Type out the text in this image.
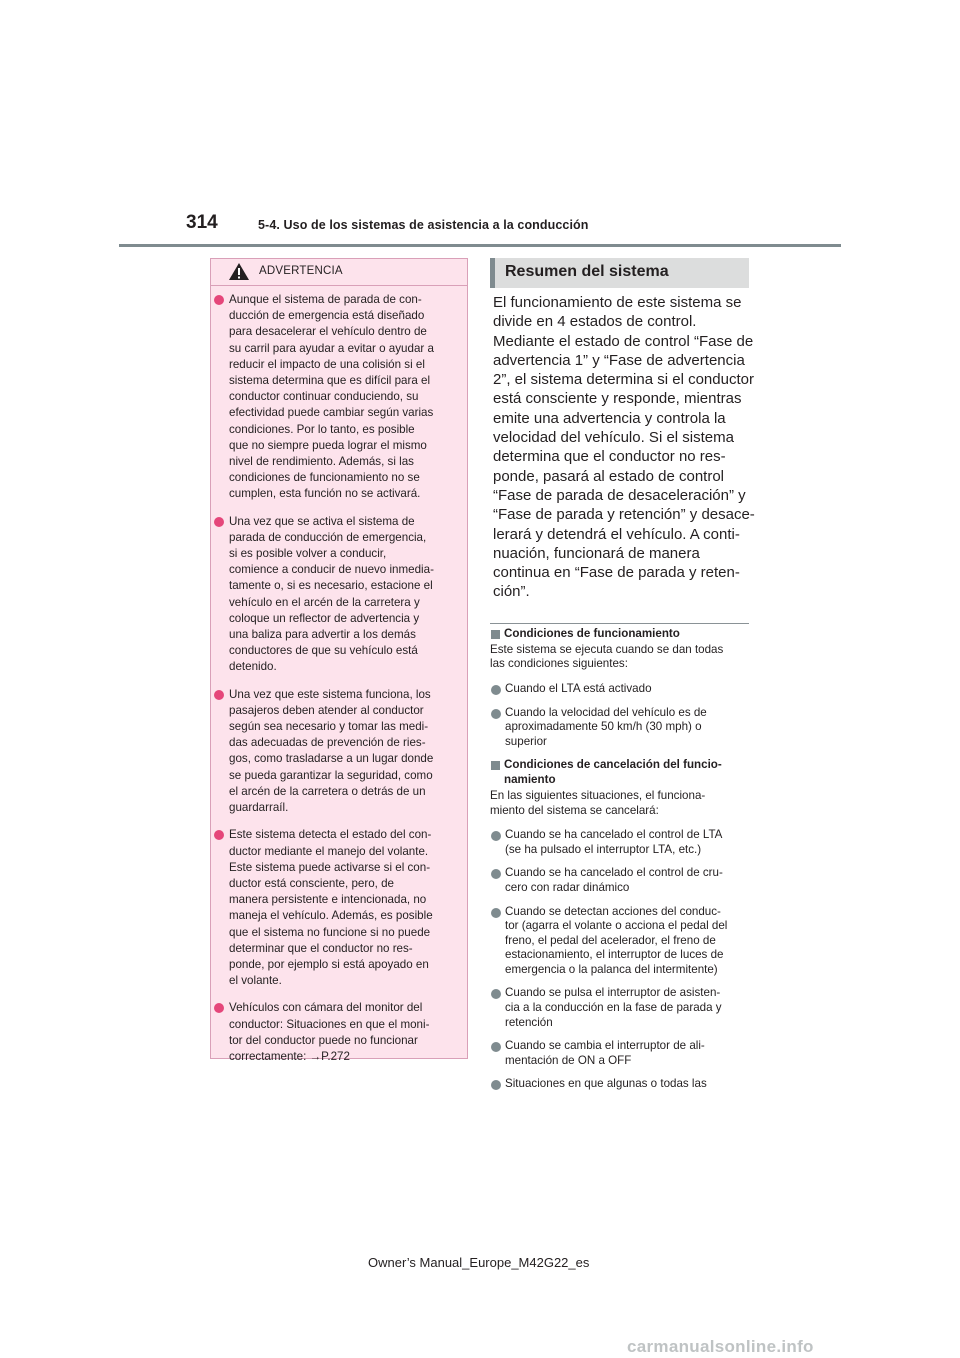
314	5-4. Uso de los sistemas de asistencia a la conducción
ADVERTENCIA
Aunque el sistema de parada de con-
ducción de emergencia está diseñado
para desacelerar el vehículo dentro de
su carril para ayudar a evitar o ayudar a
reducir el impacto de una colisión si el
sistema determina que es difícil para el
conductor continuar conduciendo, su
efectividad puede cambiar según varias
condiciones. Por lo tanto, es posible
que no siempre pueda lograr el mismo
nivel de rendimiento. Además, si las
condiciones de funcionamiento no se
cumplen, esta función no se activará.
Una vez que se activa el sistema de
parada de conducción de emergencia,
si es posible volver a conducir,
comience a conducir de nuevo inmedia-
tamente o, si es necesario, estacione el
vehículo en el arcén de la carretera y
coloque un reflector de advertencia y
una baliza para advertir a los demás
conductores de que su vehículo está
detenido.
Una vez que este sistema funciona, los
pasajeros deben atender al conductor
según sea necesario y tomar las medi-
das adecuadas de prevención de ries-
gos, como trasladarse a un lugar donde
se pueda garantizar la seguridad, como
el arcén de la carretera o detrás de un
guardarraíl.
Este sistema detecta el estado del con-
ductor mediante el manejo del volante.
Este sistema puede activarse si el con-
ductor está consciente, pero, de
manera persistente e intencionada, no
maneja el vehículo. Además, es posible
que el sistema no funcione si no puede
determinar que el conductor no res-
ponde, por ejemplo si está apoyado en
el volante.
Vehículos con cámara del monitor del
conductor: Situaciones en que el moni-
tor del conductor puede no funcionar
correctamente: →P.272
Resumen del sistema
El funcionamiento de este sistema se
divide en 4 estados de control.
Mediante el estado de control “Fase de
advertencia 1” y “Fase de advertencia
2”, el sistema determina si el conductor
está consciente y responde, mientras
emite una advertencia y controla la
velocidad del vehículo. Si el sistema
determina que el conductor no res-
ponde, pasará al estado de control
“Fase de parada de desaceleración” y
“Fase de parada y retención” y desace-
lerará y detendrá el vehículo. A conti-
nuación, funcionará de manera
continua en “Fase de parada y reten-
ción”.
Condiciones de funcionamiento
Este sistema se ejecuta cuando se dan todas
las condiciones siguientes:
Cuando el LTA está activado
Cuando la velocidad del vehículo es de
aproximadamente 50 km/h (30 mph) o
superior
Condiciones de cancelación del funcio-
namiento
En las siguientes situaciones, el funciona-
miento del sistema se cancelará:
Cuando se ha cancelado el control de LTA
(se ha pulsado el interruptor LTA, etc.)
Cuando se ha cancelado el control de cru-
cero con radar dinámico
Cuando se detectan acciones del conduc-
tor (agarra el volante o acciona el pedal del
freno, el pedal del acelerador, el freno de
estacionamiento, el interruptor de luces de
emergencia o la palanca del intermitente)
Cuando se pulsa el interruptor de asisten-
cia a la conducción en la fase de parada y
retención
Cuando se cambia el interruptor de ali-
mentación de ON a OFF
Situaciones en que algunas o todas las
Owner’s Manual_Europe_M42G22_es
carmanualsonline.info
